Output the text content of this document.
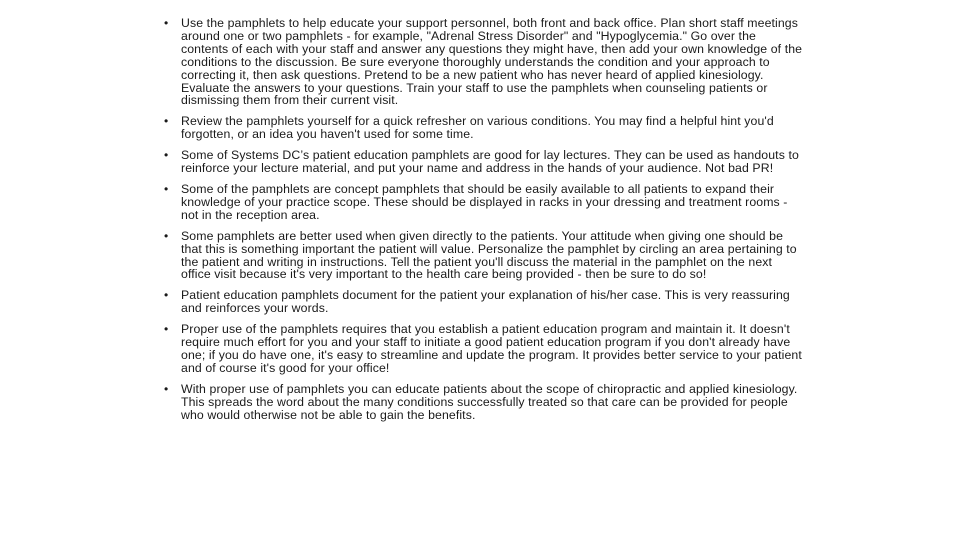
• Use the pamphlets to help educate your support personnel, both front and back office. Plan short staff meetings around one or two pamphlets - for example, "Adrenal Stress Disorder" and "Hypoglycemia." Go over the contents of each with your staff and answer any questions they might have, then add your own knowledge of the conditions to the discussion. Be sure everyone thoroughly understands the condition and your approach to correcting it, then ask questions. Pretend to be a new patient who has never heard of applied kinesiology. Evaluate the answers to your questions. Train your staff to use the pamphlets when counseling patients or dismissing them from their current visit.
• Review the pamphlets yourself for a quick refresher on various conditions. You may find a helpful hint you'd forgotten, or an idea you haven't used for some time.
• Some of Systems DC’s patient education pamphlets are good for lay lectures. They can be used as handouts to reinforce your lecture material, and put your name and address in the hands of your audience. Not bad PR!
• Some of the pamphlets are concept pamphlets that should be easily available to all patients to expand their knowledge of your practice scope. These should be displayed in racks in your dressing and treatment rooms - not in the reception area.
• Some pamphlets are better used when given directly to the patients. Your attitude when giving one should be that this is something important the patient will value. Personalize the pamphlet by circling an area pertaining to the patient and writing in instructions. Tell the patient you'll discuss the material in the pamphlet on the next office visit because it's very important to the health care being provided - then be sure to do so!
• Patient education pamphlets document for the patient your explanation of his/her case. This is very reassuring and reinforces your words.
• Proper use of the pamphlets requires that you establish a patient education program and maintain it. It doesn't require much effort for you and your staff to initiate a good patient education program if you don't already have one; if you do have one, it's easy to streamline and update the program. It provides better service to your patient and of course it's good for your office!
• With proper use of pamphlets you can educate patients about the scope of chiropractic and applied kinesiology. This spreads the word about the many conditions successfully treated so that care can be provided for people who would otherwise not be able to gain the benefits.
